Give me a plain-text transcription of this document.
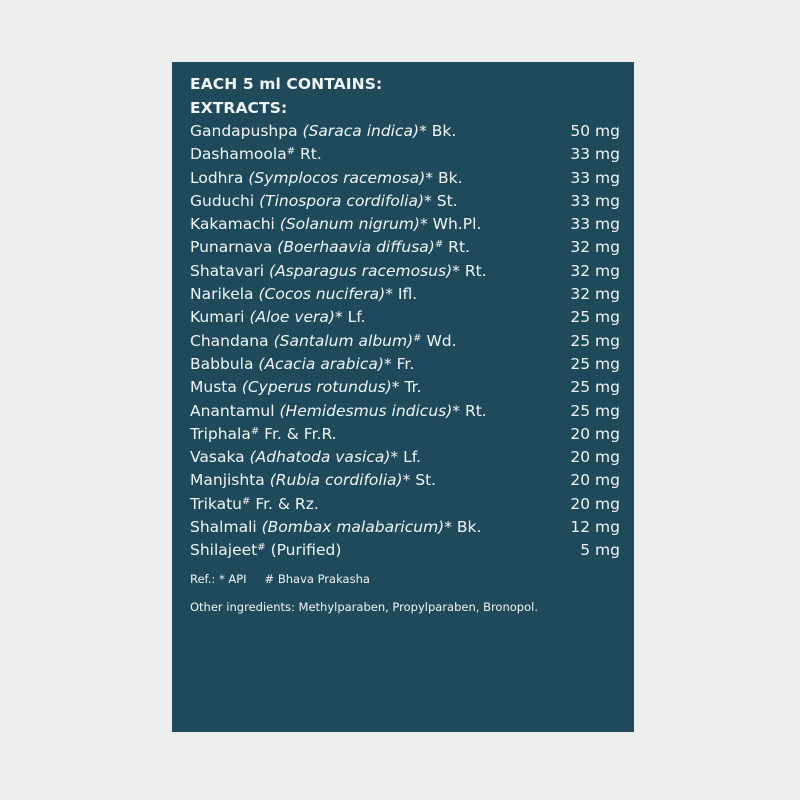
EACH 5 ml CONTAINS:
EXTRACTS:
Gandapushpa (Saraca indica)* Bk.	50 mg
Dashamoola# Rt.	33 mg
Lodhra (Symplocos racemosa)* Bk.	33 mg
Guduchi (Tinospora cordifolia)* St.	33 mg
Kakamachi (Solanum nigrum)* Wh.Pl.	33 mg
Punarnava (Boerhaavia diffusa)# Rt.	32 mg
Shatavari (Asparagus racemosus)* Rt.	32 mg
Narikela (Cocos nucifera)* Ifl.	32 mg
Kumari (Aloe vera)* Lf.	25 mg
Chandana (Santalum album)# Wd.	25 mg
Babbula (Acacia arabica)* Fr.	25 mg
Musta (Cyperus rotundus)* Tr.	25 mg
Anantamul (Hemidesmus indicus)* Rt.	25 mg
Triphala# Fr. & Fr.R.	20 mg
Vasaka (Adhatoda vasica)* Lf.	20 mg
Manjishta (Rubia cordifolia)* St.	20 mg
Trikatu# Fr. & Rz.	20 mg
Shalmali (Bombax malabaricum)* Bk.	12 mg
Shilajeet# (Purified)	5 mg
Ref.: * API # Bhava Prakasha
Other ingredients: Methylparaben, Propylparaben, Bronopol.
